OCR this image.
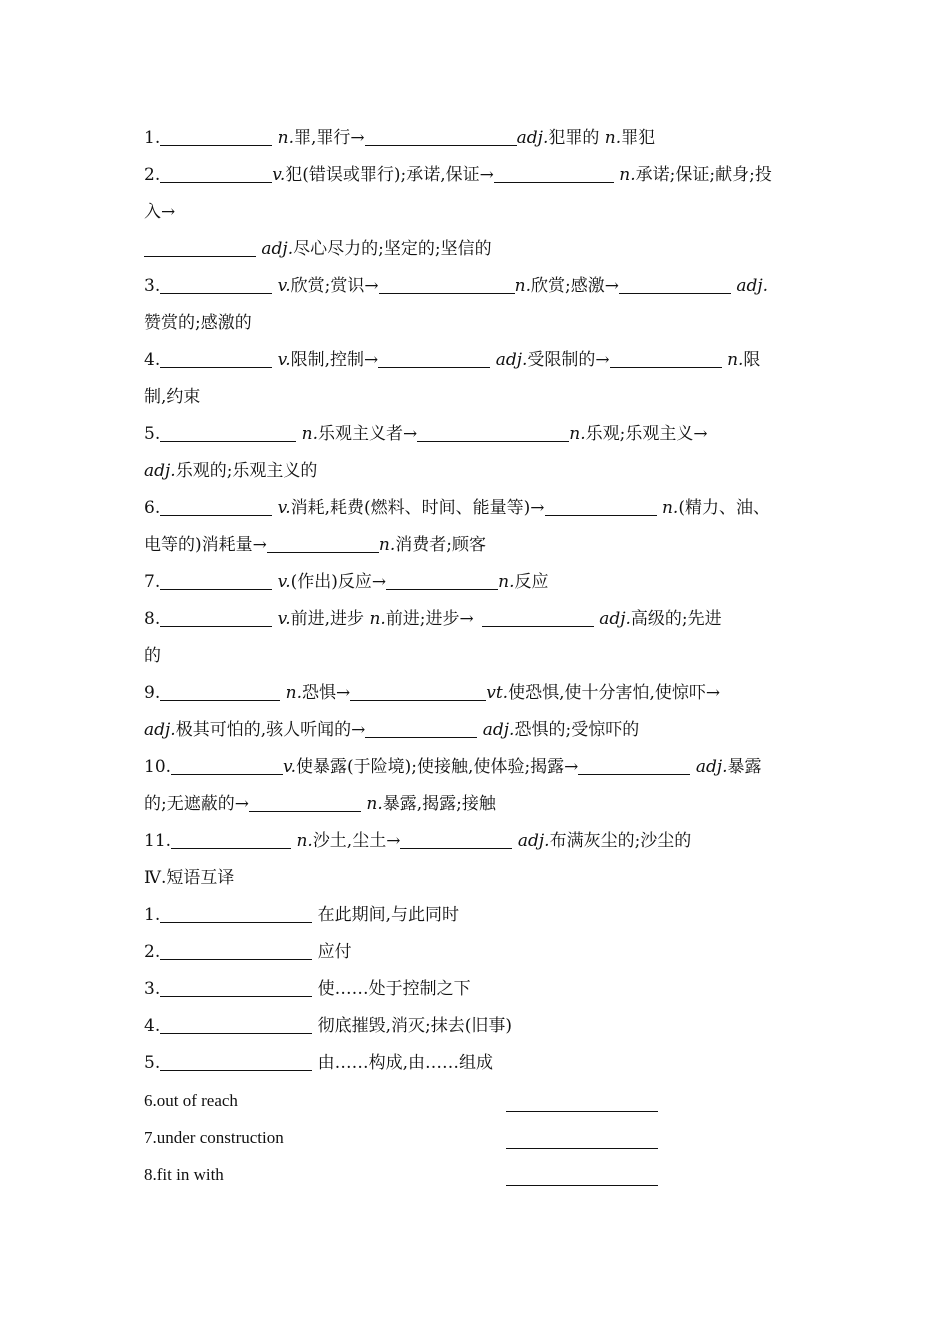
1.	n.罪,罪行→	adj.犯罪的 n.罪犯
2.	v.犯(错误或罪行);承诺,保证→	n.承诺;保证;献身;投
入→
adj.尽心尽力的;坚定的;坚信的
3.	v.欣赏;赏识→	n.欣赏;感激→	adj.
赞赏的;感激的
4.	v.限制,控制→	adj.受限制的→	n.限
制,约束
5.	n.乐观主义者→	n.乐观;乐观主义→
adj.乐观的;乐观主义的
6.	v.消耗,耗费(燃料、时间、能量等)→	n.(精力、油、
电等的)消耗量→	n.消费者;顾客
7.	v.(作出)反应→	n.反应
8.	v.前进,进步 n.前进;进步→	adj.高级的;先进
的
9.	n.恐惧→	vt.使恐惧,使十分害怕,使惊吓→
adj.极其可怕的,骇人听闻的→	adj.恐惧的;受惊吓的
10.	v.使暴露(于险境);使接触,使体验;揭露→	adj.暴露
的;无遮蔽的→	n.暴露,揭露;接触
11.	n.沙土,尘土→	adj.布满灰尘的;沙尘的
Ⅳ.短语互译
1.	在此期间,与此同时
2.	应付
3.	使……处于控制之下
4.	彻底摧毁,消灭;抹去(旧事)
5.	由……构成,由……组成
6.out of reach
7.under construction
8.fit in with
